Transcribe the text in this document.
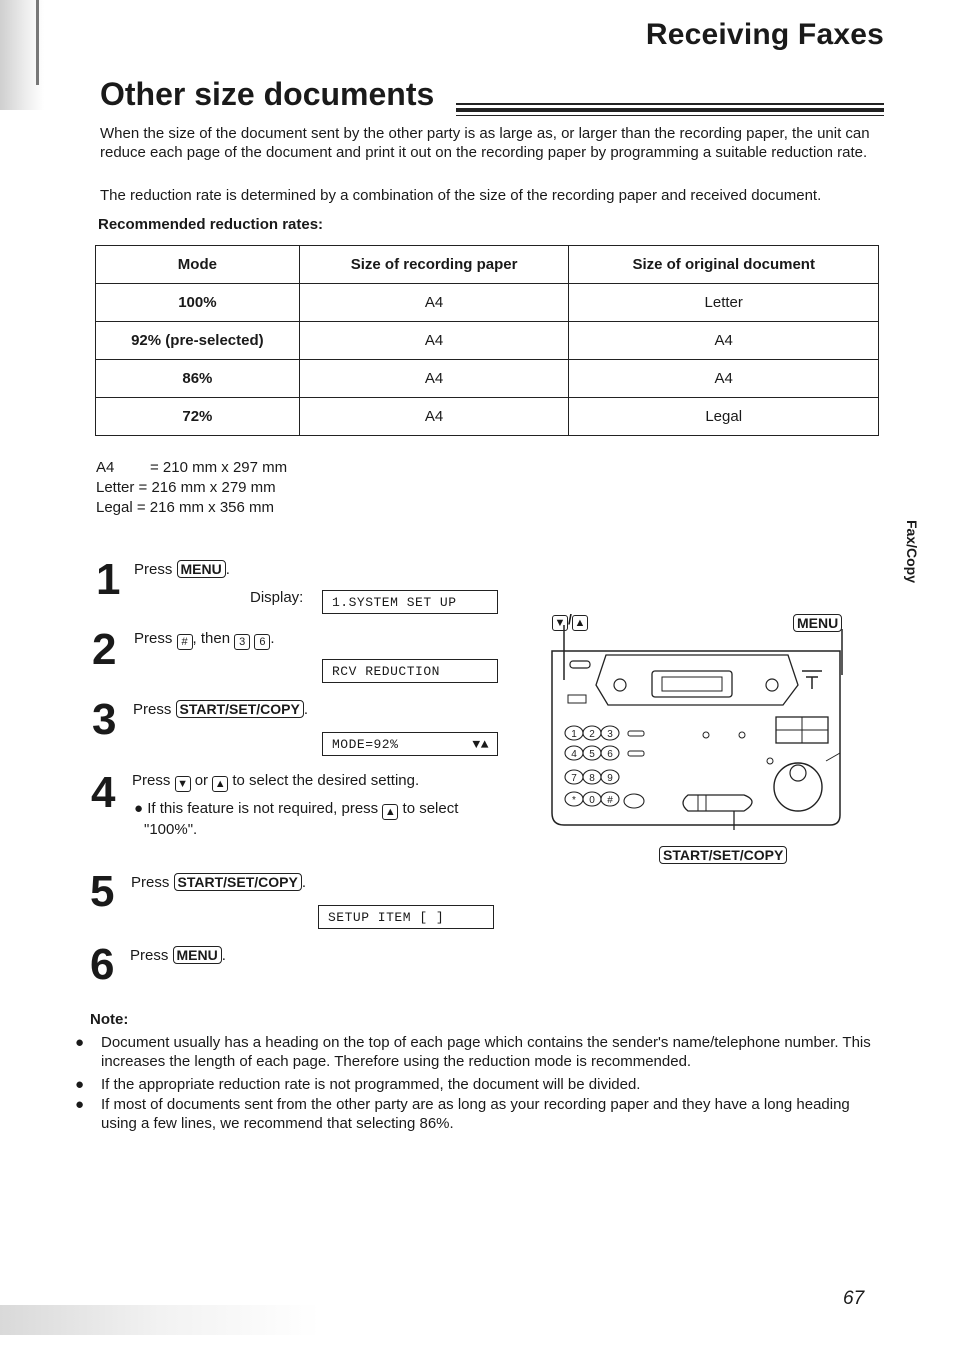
Receiving Faxes
Other size documents
When the size of the document sent by the other party is as large as, or larger than the recording paper, the unit can reduce each page of the document and print it out on the recording paper by programming a suitable reduction rate.
The reduction rate is determined by a combination of the size of the recording paper and received document.
Recommended reduction rates:
Mode	Size of recording paper	Size of original document
100%	A4	Letter
92% (pre-selected)	A4	A4
86%	A4	A4
72%	A4	Legal
A4 = 210 mm x 297 mm
Letter = 216 mm x 279 mm
Legal = 216 mm x 356 mm
1 Press MENU .
Display:	1.SYSTEM SET UP
2 Press # , then 3 6 .
RCV REDUCTION
3 Press START/SET/COPY .
MODE=92%	▼▲
4 Press ▼ or ▲ to select the desired setting.
● If this feature is not required, press ▲ to select
"100%".
5 Press START/SET/COPY .
SETUP ITEM [ ]
6 Press MENU .
▼ / ▲	MENU
1 2 3
4 5 6
7 8 9
* 0 #
START/SET/COPY
Fax/Copy
Note:
● Document usually has a heading on the top of each page which contains the sender's name/telephone number. This increases the length of each page. Therefore using the reduction mode is recommended.
● If the appropriate reduction rate is not programmed, the document will be divided.
● If most of documents sent from the other party are as long as your recording paper and they have a long heading using a few lines, we recommend that selecting 86%.
67
